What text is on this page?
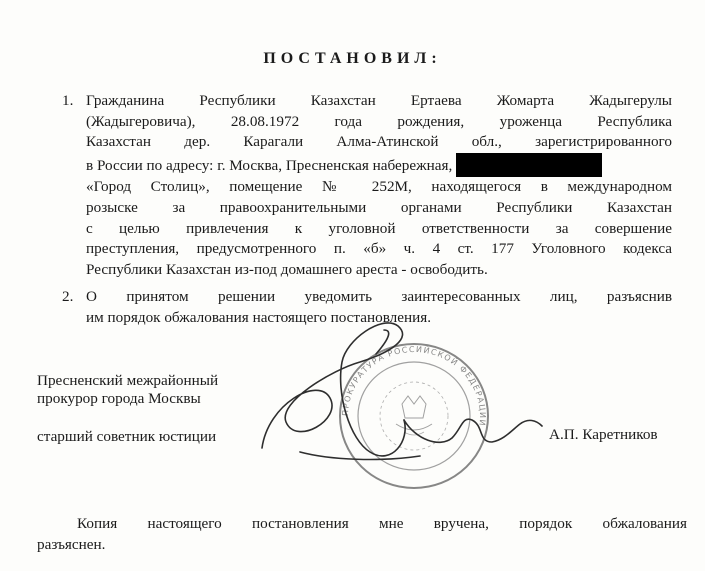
ПОСТАНОВИЛ:
1. Гражданина Республики Казахстан Ертаева Жомарта Жадыгерулы
(Жадыгеровича), 28.08.1972 года рождения, уроженца Республика
Казахстан дер. Карагали Алма-Атинской обл., зарегистрированного
в России по адресу: г. Москва, Пресненская набережная,
«Город Столиц», помещение № 252М, находящегося в международном
розыске за правоохранительными органами Республики Казахстан
с целью привлечения к уголовной ответственности за совершение
преступления, предусмотренного п. «б» ч. 4 ст. 177 Уголовного кодекса
Республики Казахстан из-под домашнего ареста - освободить.
2. О принятом решении уведомить заинтересованных лиц, разъяснив
им порядок обжалования настоящего постановления.
Пресненский межрайонный
прокурор города Москвы
старший советник юстиции	А.П. Каретников
ПРОКУРАТУРА РОССИЙСКОЙ ФЕДЕРАЦИИ
Копия настоящего постановления мне вручена, порядок обжалования
разъяснен.
